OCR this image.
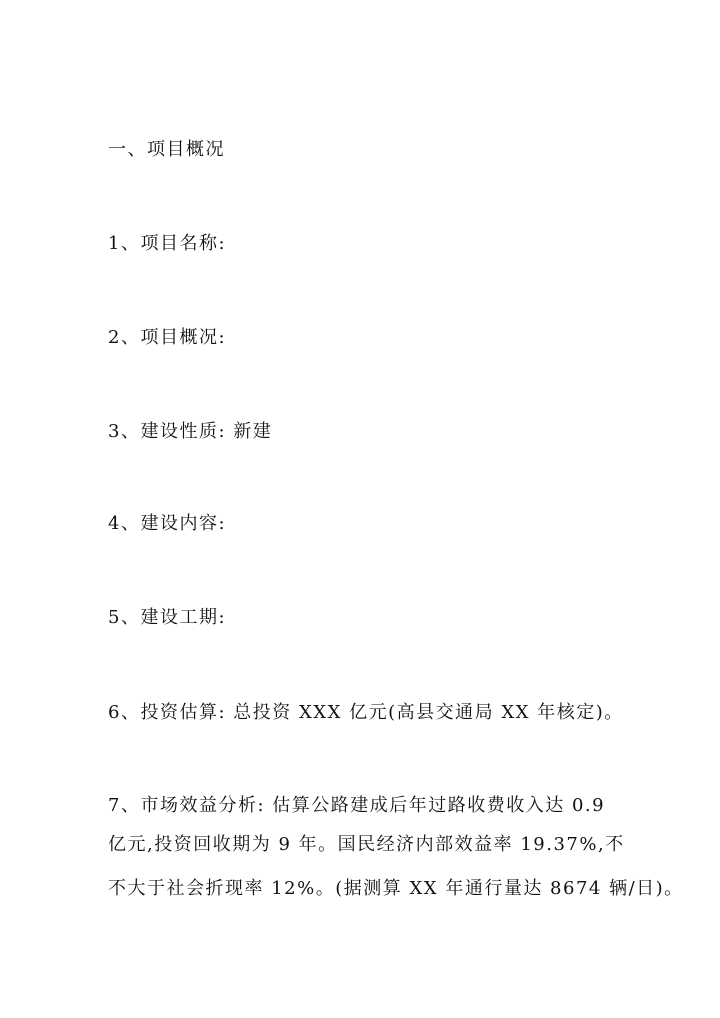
一、项目概况
1、项目名称:
2、项目概况:
3、建设性质: 新建
4、建设内容:
5、建设工期:
6、投资估算: 总投资 XXX 亿元(高县交通局 XX 年核定)。
7、市场效益分析: 估算公路建成后年过路收费收入达 0.9
亿元,投资回收期为 9 年。国民经济内部效益率 19.37%,不
不大于社会折现率 12%。(据测算 XX 年通行量达 8674 辆/日)。
